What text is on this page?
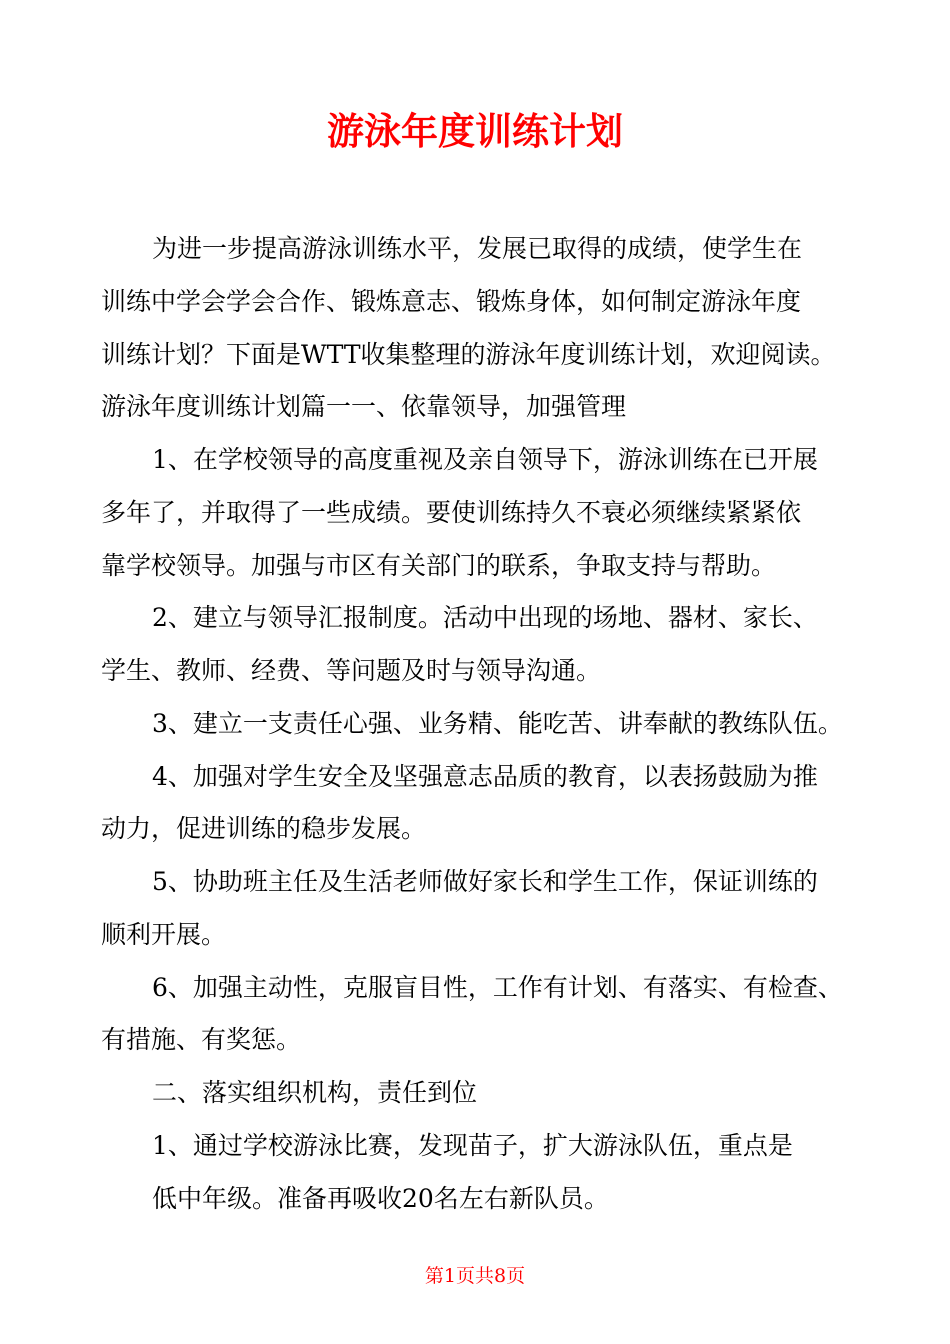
游泳年度训练计划
为进一步提高游泳训练水平，发展已取得的成绩，使学生在
训练中学会学会合作、锻炼意志、锻炼身体，如何制定游泳年度
训练计划？下面是WTT收集整理的游泳年度训练计划，欢迎阅读。
游泳年度训练计划篇一一、依靠领导，加强管理
1、在学校领导的高度重视及亲自领导下，游泳训练在已开展
多年了，并取得了一些成绩。要使训练持久不衰必须继续紧紧依
靠学校领导。加强与市区有关部门的联系，争取支持与帮助。
2、建立与领导汇报制度。活动中出现的场地、器材、家长、
学生、教师、经费、等问题及时与领导沟通。
3、建立一支责任心强、业务精、能吃苦、讲奉献的教练队伍。
4、加强对学生安全及坚强意志品质的教育，以表扬鼓励为推
动力，促进训练的稳步发展。
5、协助班主任及生活老师做好家长和学生工作，保证训练的
顺利开展。
6、加强主动性，克服盲目性，工作有计划、有落实、有检查、
有措施、有奖惩。
二、落实组织机构，责任到位
1、通过学校游泳比赛，发现苗子，扩大游泳队伍，重点是
低中年级。准备再吸收20名左右新队员。
第1页共8页
